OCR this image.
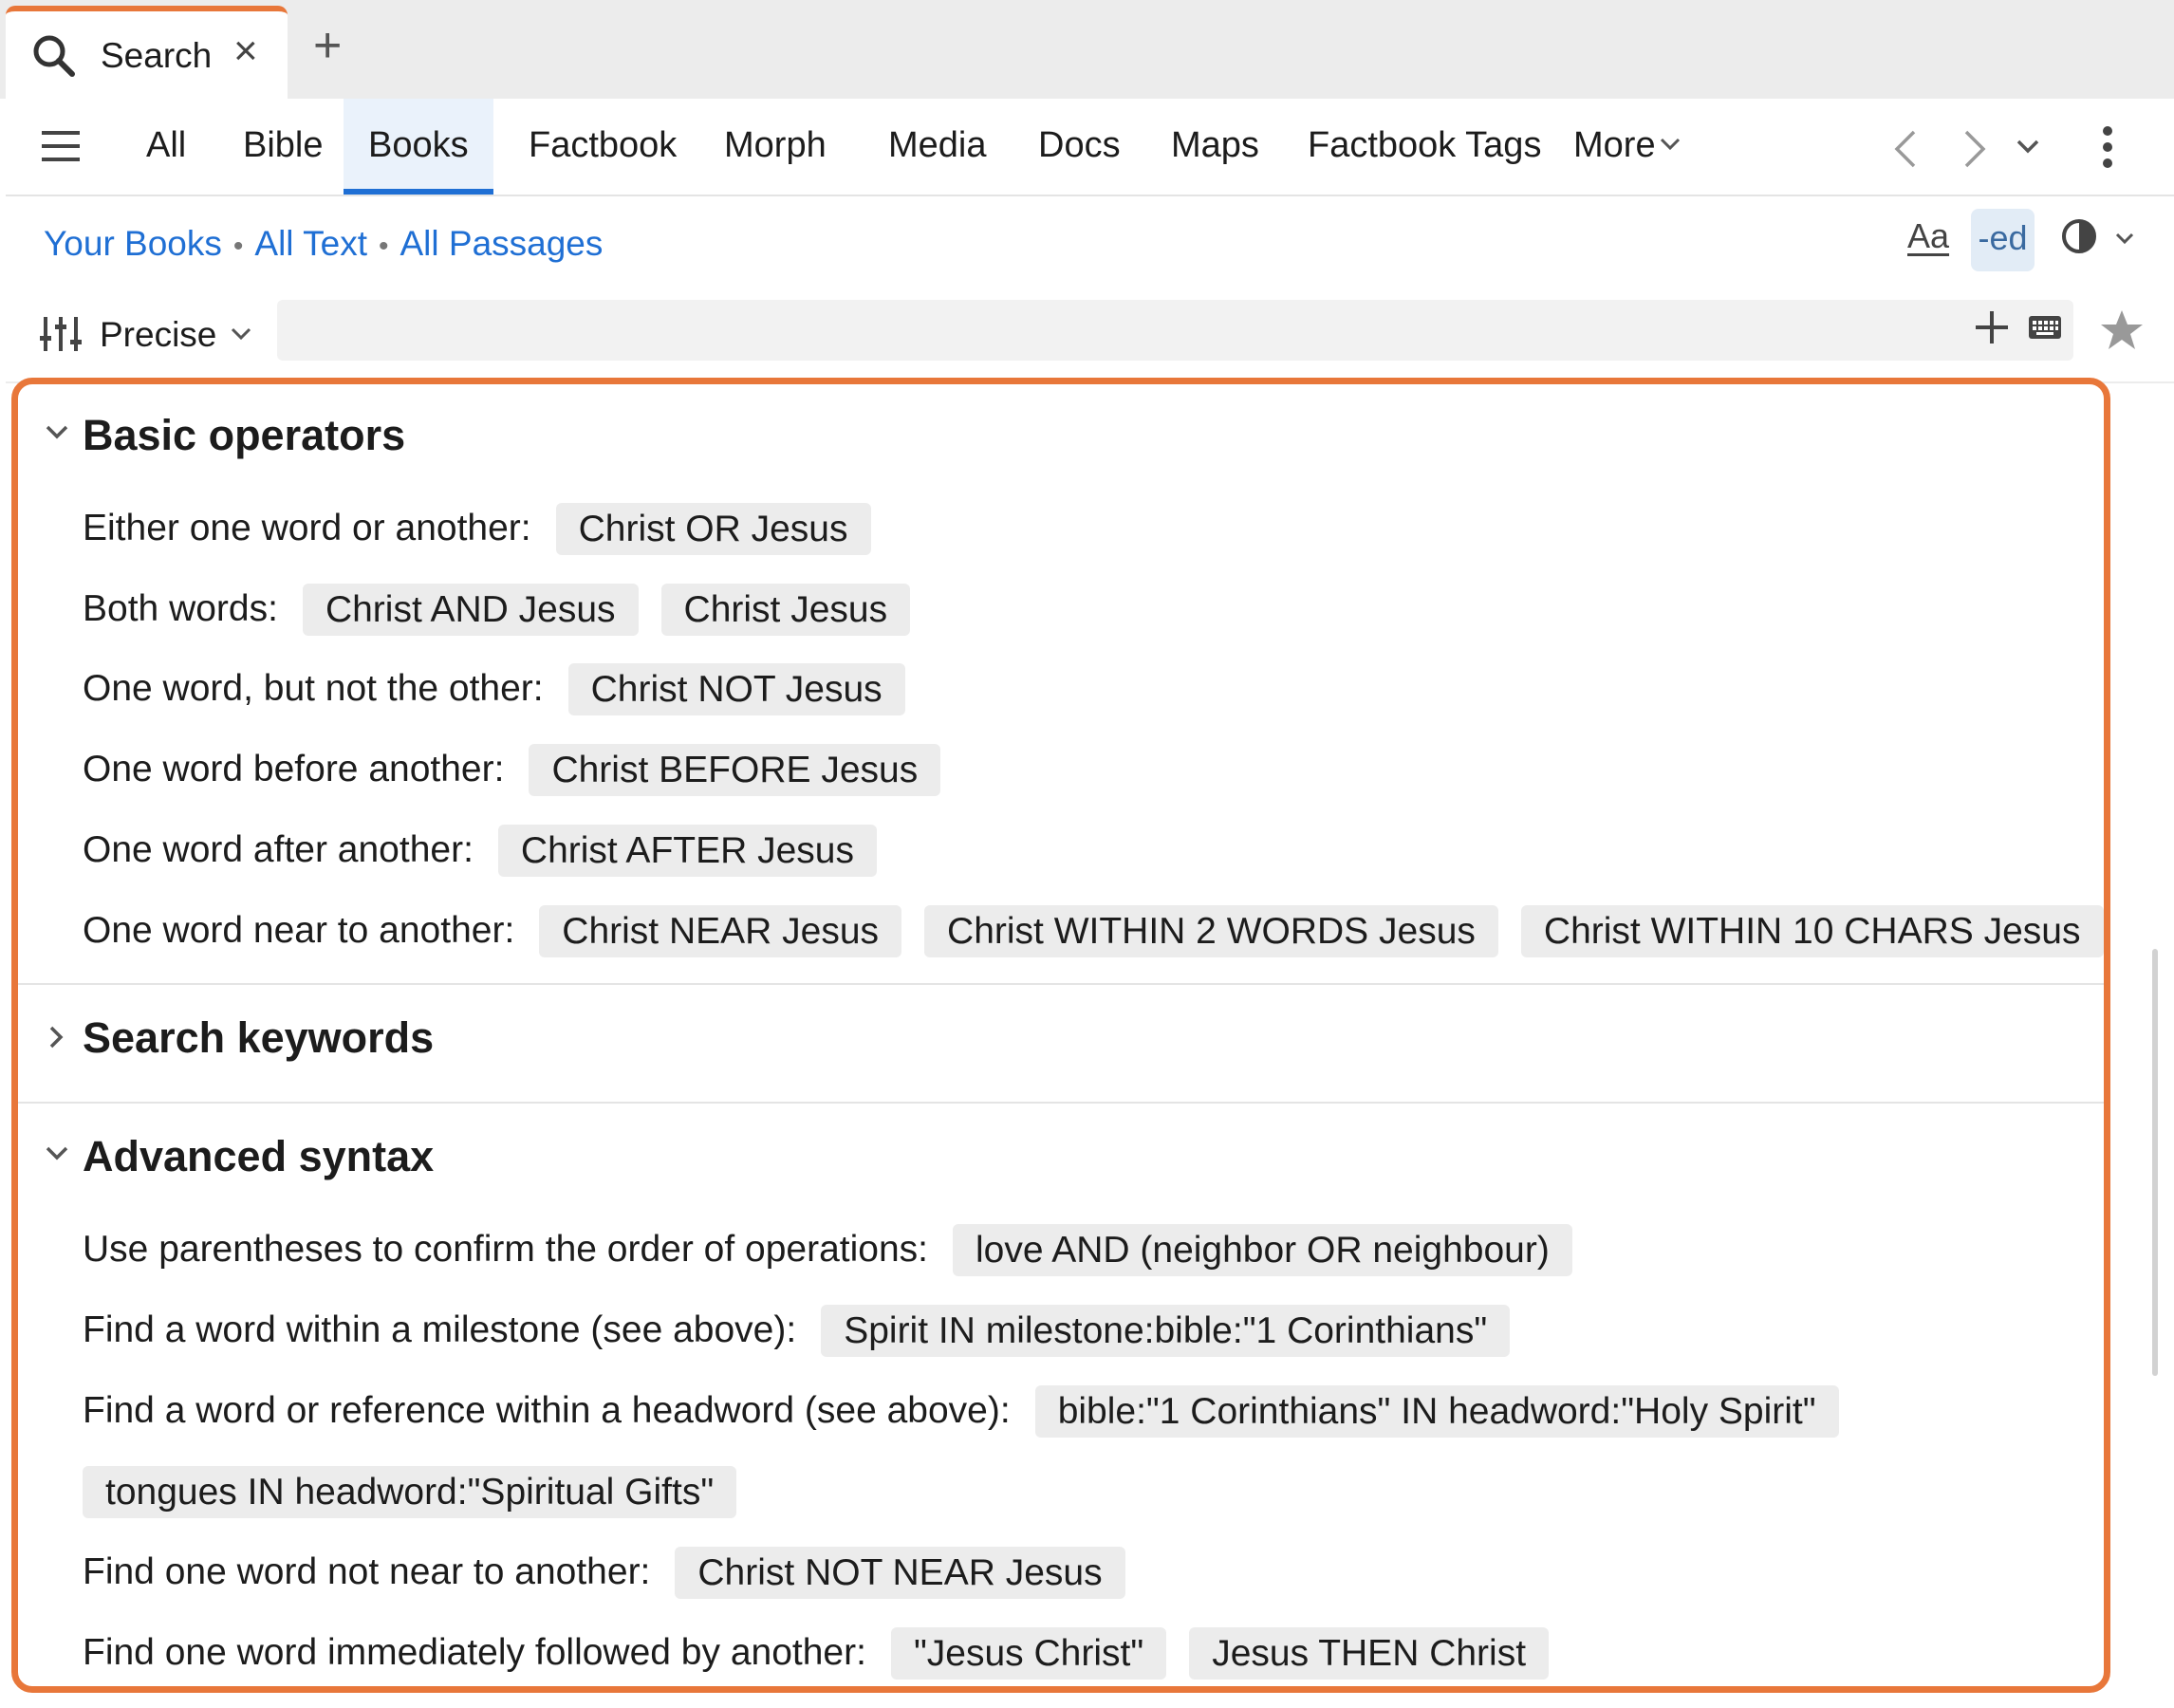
Search × +
All	Bible	Books	Factbook	Morph	Media	Docs	Maps	Factbook Tags More
Your Books • All Text • All Passages	Aa -ed
Precise
Basic operators
Either one word or another:	Christ OR Jesus
Both words:	Christ AND Jesus	Christ Jesus
One word, but not the other:	Christ NOT Jesus
One word before another:	Christ BEFORE Jesus
One word after another:	Christ AFTER Jesus
One word near to another:	Christ NEAR Jesus	Christ WITHIN 2 WORDS Jesus	Christ WITHIN 10 CHARS Jesus
Search keywords
Advanced syntax
Use parentheses to confirm the order of operations:	love AND (neighbor OR neighbour)
Find a word within a milestone (see above):	Spirit IN milestone:bible:"1 Corinthians"
Find a word or reference within a headword (see above):	bible:"1 Corinthians" IN headword:"Holy Spirit"
tongues IN headword:"Spiritual Gifts"
Find one word not near to another:	Christ NOT NEAR Jesus
Find one word immediately followed by another:	"Jesus Christ"	Jesus THEN Christ
